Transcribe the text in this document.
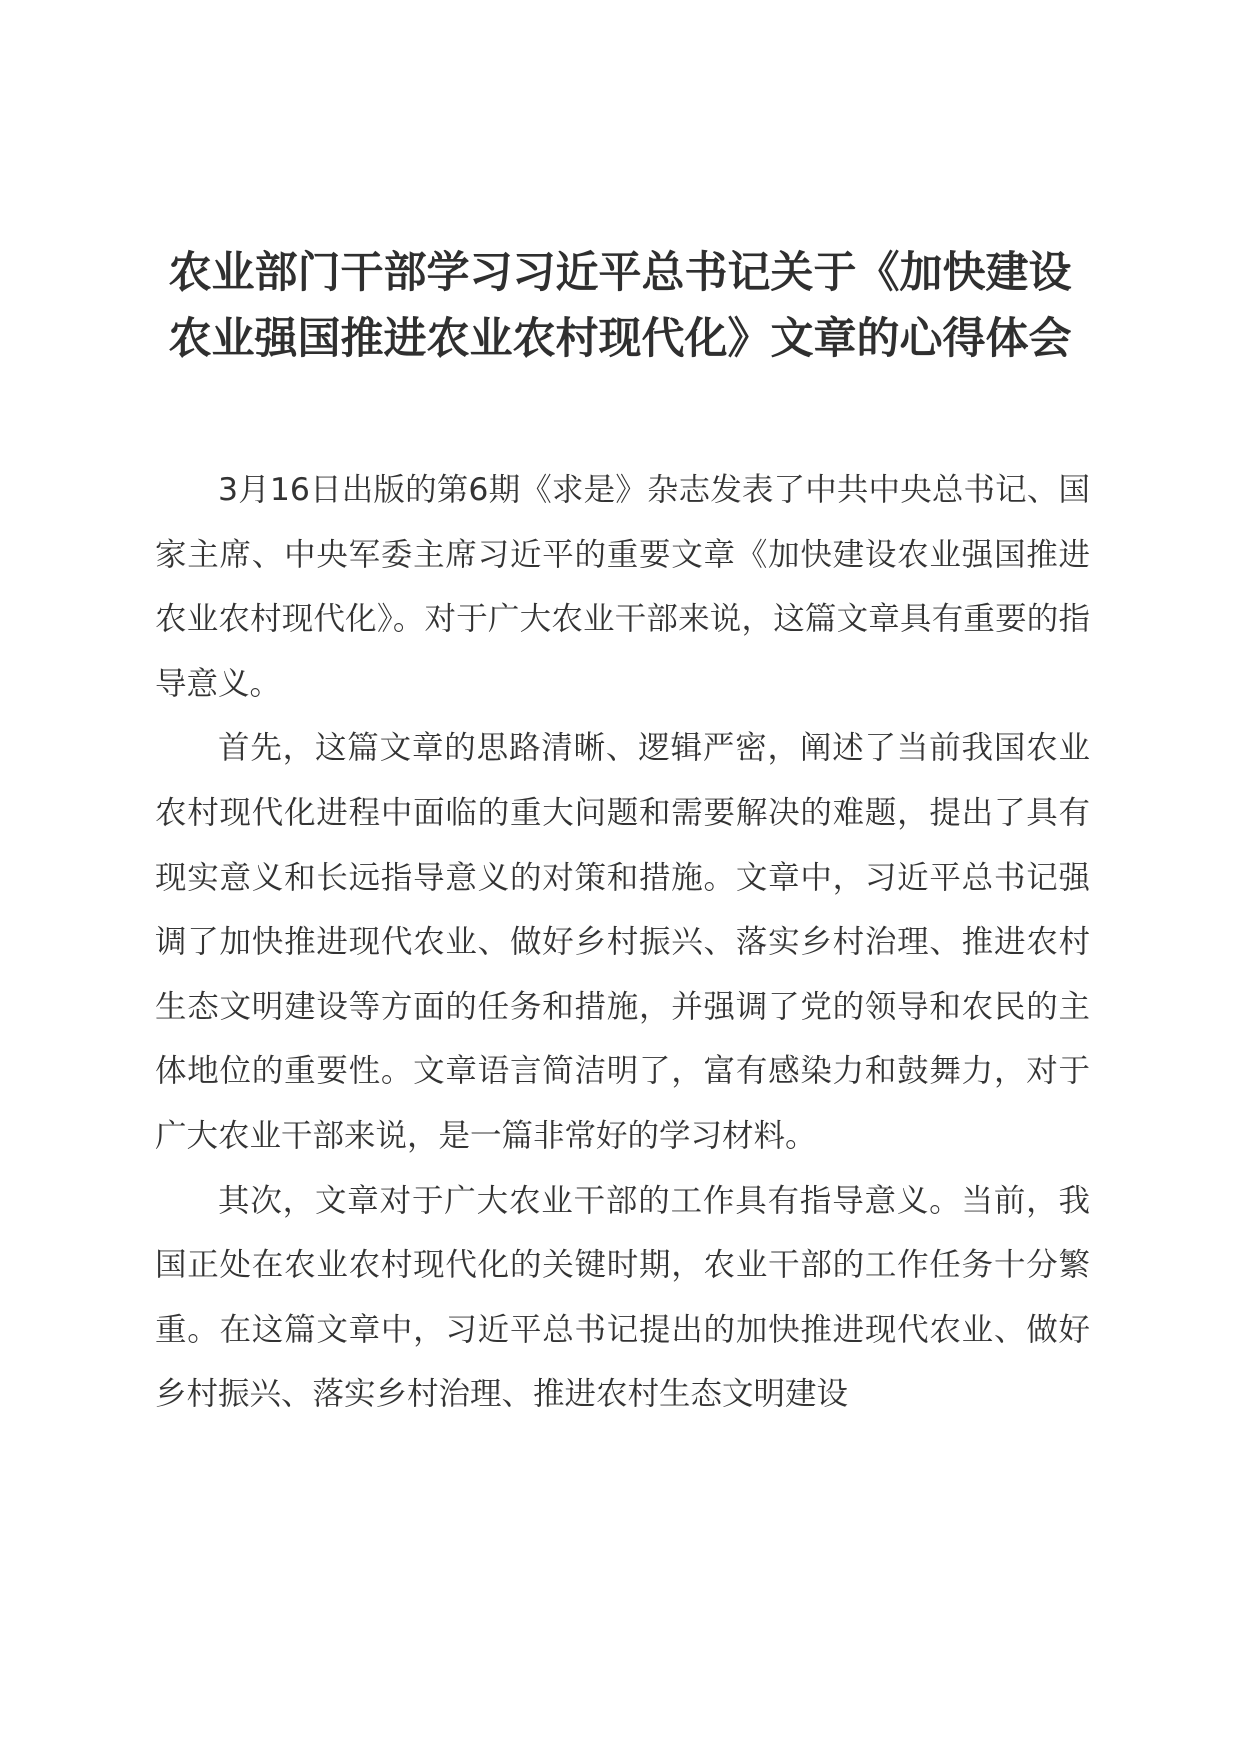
农业部门干部学习习近平总书记关于《加快建设农业强国推进农业农村现代化》文章的心得体会

3月16日出版的第6期《求是》杂志发表了中共中央总书记、国家主席、中央军委主席习近平的重要文章《加快建设农业强国推进农业农村现代化》。对于广大农业干部来说，这篇文章具有重要的指导意义。

首先，这篇文章的思路清晰、逻辑严密，阐述了当前我国农业农村现代化进程中面临的重大问题和需要解决的难题，提出了具有现实意义和长远指导意义的对策和措施。文章中，习近平总书记强调了加快推进现代农业、做好乡村振兴、落实乡村治理、推进农村生态文明建设等方面的任务和措施，并强调了党的领导和农民的主体地位的重要性。文章语言简洁明了，富有感染力和鼓舞力，对于广大农业干部来说，是一篇非常好的学习材料。

其次，文章对于广大农业干部的工作具有指导意义。当前，我国正处在农业农村现代化的关键时期，农业干部的工作任务十分繁重。在这篇文章中，习近平总书记提出的加快推进现代农业、做好乡村振兴、落实乡村治理、推进农村生态文明建设
